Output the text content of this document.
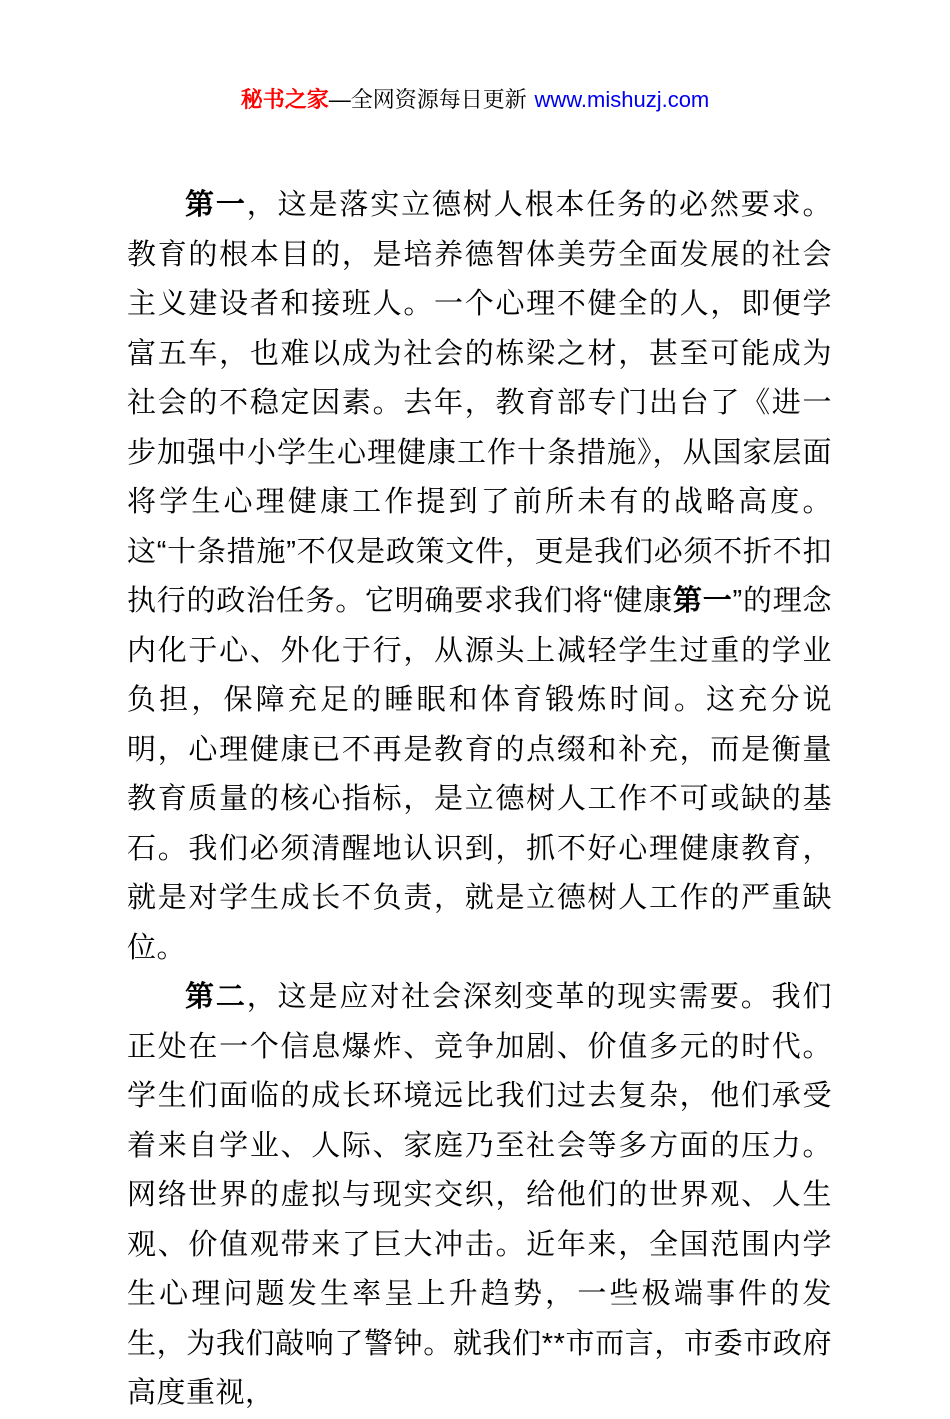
秘书之家—全网资源每日更新 www.mishuzj.com

第一，这是落实立德树人根本任务的必然要求。教育的根本目的，是培养德智体美劳全面发展的社会主义建设者和接班人。一个心理不健全的人，即便学富五车，也难以成为社会的栋梁之材，甚至可能成为社会的不稳定因素。去年，教育部专门出台了《进一步加强中小学生心理健康工作十条措施》，从国家层面将学生心理健康工作提到了前所未有的战略高度。这“十条措施”不仅是政策文件，更是我们必须不折不扣执行的政治任务。它明确要求我们将“健康第一”的理念内化于心、外化于行，从源头上减轻学生过重的学业负担，保障充足的睡眠和体育锻炼时间。这充分说明，心理健康已不再是教育的点缀和补充，而是衡量教育质量的核心指标，是立德树人工作不可或缺的基石。我们必须清醒地认识到，抓不好心理健康教育，就是对学生成长不负责，就是立德树人工作的严重缺位。

第二，这是应对社会深刻变革的现实需要。我们正处在一个信息爆炸、竞争加剧、价值多元的时代。学生们面临的成长环境远比我们过去复杂，他们承受着来自学业、人际、家庭乃至社会等多方面的压力。网络世界的虚拟与现实交织，给他们的世界观、人生观、价值观带来了巨大冲击。近年来，全国范围内学生心理问题发生率呈上升趋势，一些极端事件的发生，为我们敲响了警钟。就我们**市而言，市委市政府高度重视，
